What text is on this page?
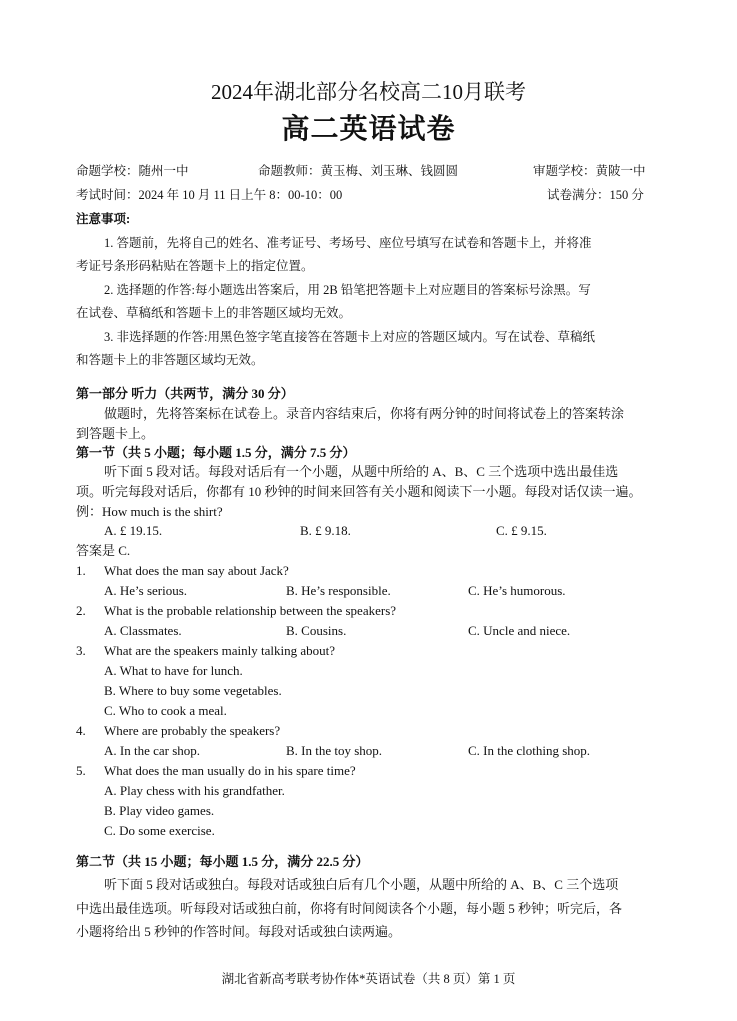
2024年湖北部分名校高二10月联考
高二英语试卷
命题学校：随州一中	命题教师：黄玉梅、刘玉琳、钱圆圆	审题学校：黄陂一中
考试时间：2024 年 10 月 11 日上午 8：00-10：00	试卷满分：150 分
注意事项:
1. 答题前，先将自己的姓名、准考证号、考场号、座位号填写在试卷和答题卡上，并将准
考证号条形码粘贴在答题卡上的指定位置。
2. 选择题的作答:每小题选出答案后，用 2B 铅笔把答题卡上对应题目的答案标号涂黑。写
在试卷、草稿纸和答题卡上的非答题区域均无效。
3. 非选择题的作答:用黑色签字笔直接答在答题卡上对应的答题区域内。写在试卷、草稿纸
和答题卡上的非答题区域均无效。
第一部分 听力（共两节，满分 30 分）
做题时，先将答案标在试卷上。录音内容结束后，你将有两分钟的时间将试卷上的答案转涂
到答题卡上。
第一节（共 5 小题；每小题 1.5 分，满分 7.5 分）
听下面 5 段对话。每段对话后有一个小题，从题中所给的 A、B、C 三个选项中选出最佳选
项。听完每段对话后，你都有 10 秒钟的时间来回答有关小题和阅读下一小题。每段对话仅读一遍。
例：How much is the shirt?
A. £ 19.15.	B. £ 9.18.	C. £ 9.15.
答案是 C.
1. What does the man say about Jack?
A. He’s serious.	B. He’s responsible.	C. He’s humorous.
2. What is the probable relationship between the speakers?
A. Classmates.	B. Cousins.	C. Uncle and niece.
3. What are the speakers mainly talking about?
A. What to have for lunch.
B. Where to buy some vegetables.
C. Who to cook a meal.
4. Where are probably the speakers?
A. In the car shop.	B. In the toy shop.	C. In the clothing shop.
5. What does the man usually do in his spare time?
A. Play chess with his grandfather.
B. Play video games.
C. Do some exercise.
第二节（共 15 小题；每小题 1.5 分，满分 22.5 分）
听下面 5 段对话或独白。每段对话或独白后有几个小题，从题中所给的 A、B、C 三个选项
中选出最佳选项。听每段对话或独白前，你将有时间阅读各个小题，每小题 5 秒钟；听完后，各
小题将给出 5 秒钟的作答时间。每段对话或独白读两遍。
湖北省新高考联考协作体*英语试卷（共 8 页）第 1 页
